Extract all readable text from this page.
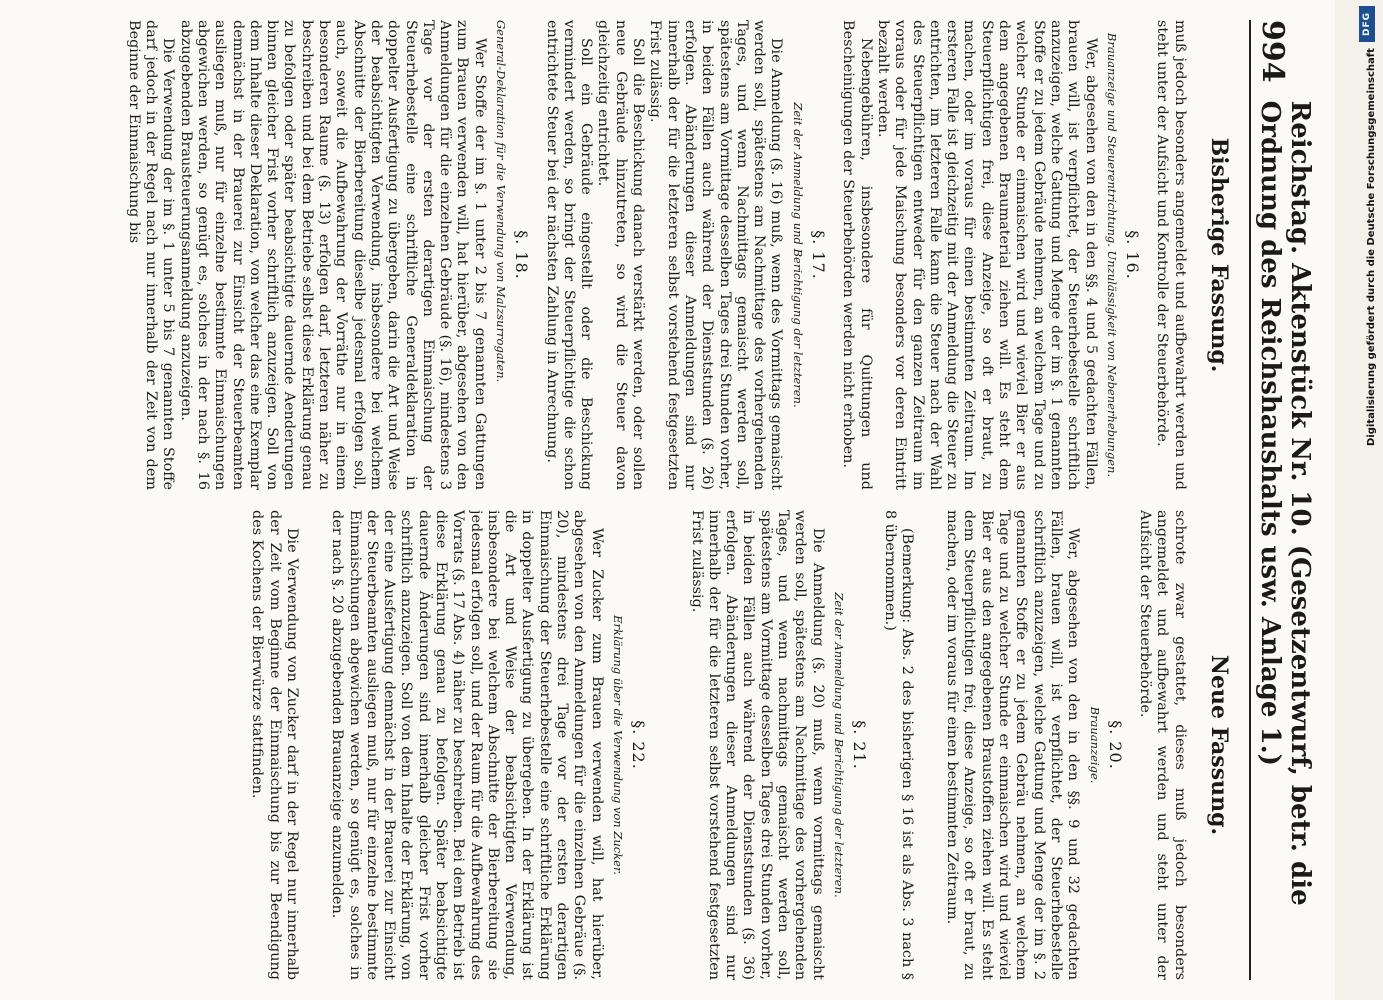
994
Reichstag. Aktenstück Nr. 10. (Gesetzentwurf, betr. die Ordnung des Reichshaushalts usw. Anlage 1.)
Bisherige Fassung.

muß jedoch besonders angemeldet und aufbewahrt werden und steht unter der Aufsicht und Kontrolle der Steuerbehörde.

§. 16.
Brauanzeige und Steuerentrichtung. Unzulässigkeit von Nebenerhebungen.

Wer, abgesehen von den in den §§. 4 und 5 gedachten Fällen, brauen will, ist verpflichtet, der Steuerhebestelle schriftlich anzuzeigen, welche Gattung und Menge der im §. 1 genannten Stoffe er zu jedem Gebräude nehmen, an welchem Tage und zu welcher Stunde er einmaischen wird und wieviel Bier er aus dem angegebenen Braumaterial ziehen will. Es steht dem Steuerpflichtigen frei, diese Anzeige, so oft er braut, zu machen, oder im voraus für einen bestimmten Zeitraum. Im ersteren Falle ist gleichzeitig mit der Anmeldung die Steuer zu entrichten, im letzteren Falle kann die Steuer nach der Wahl des Steuerpflichtigen entweder für den ganzen Zeitraum im voraus oder für jede Maischung besonders vor deren Eintritt bezahlt werden.

Nebengebühren, insbesondere für Quittungen und Bescheinigungen der Steuerbehörden werden nicht erhoben.

§. 17.
Zeit der Anmeldung und Berichtigung der letzteren.

Die Anmeldung (§. 16) muß, wenn des Vormittags gemaischt werden soll, spätestens am Nachmittage des vorhergehenden Tages, und wenn Nachmittags gemaischt werden soll, spätestens am Vormittage desselben Tages drei Stunden vorher, in beiden Fällen auch während der Dienststunden (§. 26) erfolgen. Abänderungen dieser Anmeldungen sind nur innerhalb der für die letzteren selbst vorstehend festgesetzten Frist zulässig.

Soll die Beschickung danach verstärkt werden, oder sollen neue Gebräude hinzutreten, so wird die Steuer davon gleichzeitig entrichtet.

Soll ein Gebräude eingestellt oder die Beschickung vermindert werden, so bringt der Steuerpflichtige die schon entrichtete Steuer bei der nächsten Zahlung in Anrechnung.

§. 18.
General-Deklaration für die Verwendung von Malzsurrogaten.

Wer Stoffe der im §. 1 unter 2 bis 7 genannten Gattungen zum Brauen verwenden will, hat hierüber, abgesehen von den Anmeldungen für die einzelnen Gebräude (§. 16), mindestens 3 Tage vor der ersten derartigen Einmaischung der Steuerhebestelle eine schriftliche Generaldeklaration in doppelter Ausfertigung zu übergeben, darin die Art und Weise der beabsichtigten Verwendung, insbesondere bei welchem Abschnitte der Bierbereitung dieselbe jedesmal erfolgen soll, auch, soweit die Aufbewahrung der Vorräthe nur in einem besonderen Raume (§. 13) erfolgen darf, letzteren näher zu beschreiben und bei dem Betriebe selbst diese Erklärung genau zu befolgen oder später beabsichtigte dauernde Aenderungen binnen gleicher Frist vorher schriftlich anzuzeigen. Soll von dem Inhalte dieser Deklaration, von welcher das eine Exemplar demnächst in der Brauerei zur Einsicht der Steuerbeamten ausliegen muß, nur für einzelne bestimmte Einmaischungen abgewichen werden, so genügt es, solches in der nach §. 16 abzugebenden Brausteuerungsanmeldung anzuzeigen.

Die Verwendung der im §. 1 unter 5 bis 7 genannten Stoffe darf jedoch in der Regel nach nur innerhalb der Zeit von dem Beginne der Einmaischung bis

Neue Fassung.

schrote zwar gestattet, dieses muß jedoch besonders angemeldet und aufbewahrt werden und steht unter der Aufsicht der Steuerbehörde.

§. 20.
Brauanzeige.

Wer, abgesehen von den in den §§. 9 und 32 gedachten Fällen, brauen will, ist verpflichtet, der Steuerhebestelle schriftlich anzuzeigen, welche Gattung und Menge der im §. 2 genannten Stoffe er zu jedem Gebräu nehmen, an welchem Tage und zu welcher Stunde er einmaischen wird und wieviel Bier er aus den angegebenen Braustoffen ziehen will. Es steht dem Steuerpflichtigen frei, diese Anzeige, so oft er braut, zu machen, oder im voraus für einen bestimmten Zeitraum.

(Bemerkung: Abs. 2 des bisherigen § 16 ist als Abs. 3 nach § 8 übernommen.)

§. 21.
Zeit der Anmeldung und Berichtigung der letzteren.

Die Anmeldung (§. 20) muß, wenn vormittags gemaischt werden soll, spätestens am Nachmittage des vorhergehenden Tages, und wenn nachmittags gemaischt werden soll, spätestens am Vormittage desselben Tages drei Stunden vorher, in beiden Fällen auch während der Dienststunden (§. 36) erfolgen. Abänderungen dieser Anmeldungen sind nur innerhalb der für die letzteren selbst vorstehend festgesetzten Frist zulässig.

§. 22.
Erklärung über die Verwendung von Zucker.

Wer Zucker zum Brauen verwenden will, hat hierüber, abgesehen von den Anmeldungen für die einzelnen Gebräue (§. 20), mindestens drei Tage vor der ersten derartigen Einmaischung der Steuerhebestelle eine schriftliche Erklärung in doppelter Ausfertigung zu übergeben. In der Erklärung ist die Art und Weise der beabsichtigten Verwendung, insbesondere bei welchem Abschnitte der Bierbereitung sie jedesmal erfolgen soll, und der Raum für die Aufbewahrung des Vorrats (§. 17 Abs. 4) näher zu beschreiben. Bei dem Betrieb ist diese Erklärung genau zu befolgen. Später beabsichtigte dauernde Änderungen sind innerhalb gleicher Frist vorher schriftlich anzuzeigen. Soll von dem Inhalte der Erklärung, von der eine Ausfertigung demnächst in der Brauerei zur Einsicht der Steuerbeamten ausliegen muß, nur für einzelne bestimmte Einmaischungen abgewichen werden, so genügt es, solches in der nach §. 20 abzugebenden Brauanzeige anzumelden.

Die Verwendung von Zucker darf in der Regel nur innerhalb der Zeit vom Beginne der Einmaischung bis zur Beendigung des Kochens der Bierwürze stattfinden.

DFG
Digitalisierung gefördert durch die Deutsche Forschungsgemeinschaft
